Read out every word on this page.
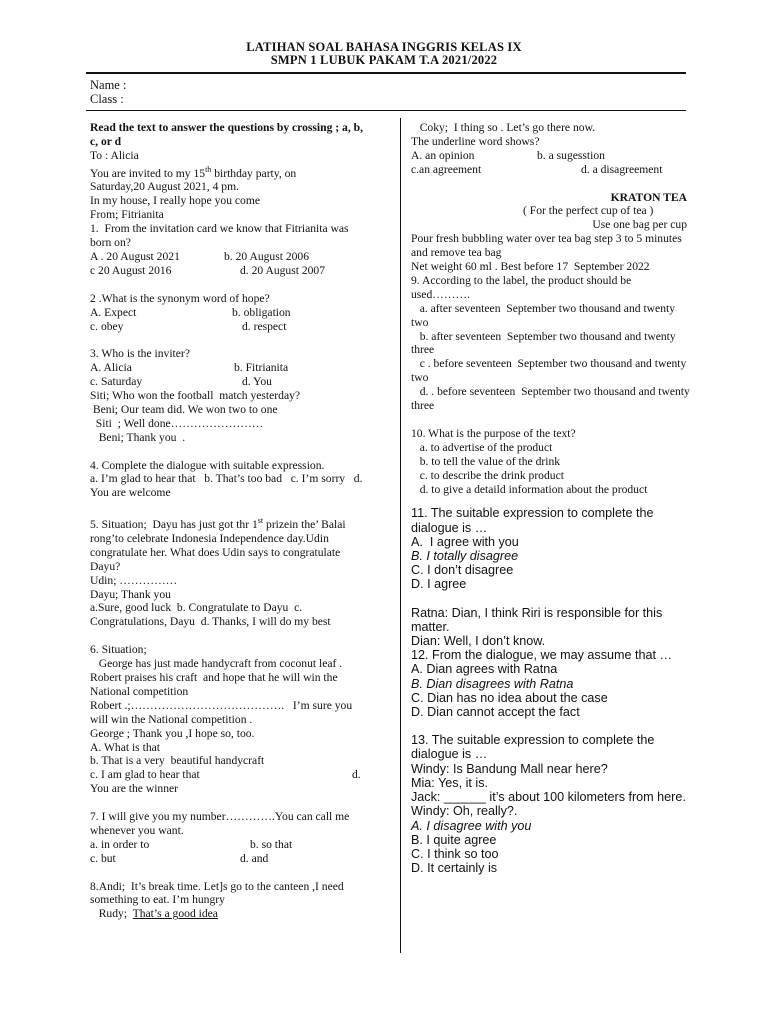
LATIHAN SOAL BAHASA INGGRIS KELAS IX
SMPN 1 LUBUK PAKAM T.A 2021/2022
Name :
Class :

Read the text to answer the questions by crossing ; a, b, c, or d

To : Alicia

You are invited to my 15th birthday party, on

Saturday,20 August 2021, 4 pm.

In my house, I really hope you come

From; Fitrianita

1.  From the invitation card we know that Fitrianita was born on?

A . 20 August 2021	b. 20 August 2006
c 20 August 2016	d. 20 August 2007

2 .What is the synonym word of hope?

A. Expect	b. obligation
c. obey	d. respect

3. Who is the inviter?

A. Alicia	b. Fitrianita
c. Saturday	d. You

Siti; Who won the football  match yesterday?

Beni; Our team did. We won two to one

Siti  ; Well done……………………

Beni; Thank you  .

4. Complete the dialogue with suitable expression.

a. I’m glad to hear that   b. That’s too bad   c. I’m sorry   d. You are welcome

5. Situation;  Dayu has just got thr 1st prizein the’ Balai rong’to celebrate Indonesia Independence day.Udin congratulate her. What does Udin says to congratulate Dayu?

Udin; ……………

Dayu; Thank you

a.Sure, good luck  b. Congratulate to Dayu  c. Congratulations, Dayu  d. Thanks, I will do my best

6. Situation;

George has just made handycraft from coconut leaf . Robert praises his craft  and hope that he will win the National competition

Robert .;………………………………….   I’m sure you will win the National competition .

George ; Thank you ,I hope so, too.

A. What is that

b. That is a very  beautiful handycraft

c. I am glad to hear that	d.

You are the winner

7. I will give you my number………….You can call me whenever you want.

a. in order to	b. so that
c. but	d. and

8.Andi;  It’s break time. Let]s go to the canteen ,I need something to eat. I’m hungry

Rudy;  That’s a good idea

Coky;  I thing so . Let’s go there now.

The underline word shows?

A. an opinion	b. a sugesstion
c.an agreement	d. a disagreement

KRATON TEA

( For the perfect cup of tea )

Use one bag per cup

Pour fresh bubbling water over tea bag step 3 to 5 minutes and remove tea bag

Net weight 60 ml . Best before 17  September 2022

9. According to the label, the product should be used……….

a. after seventeen  September two thousand and twenty two

b. after seventeen  September two thousand and twenty three

c . before seventeen  September two thousand and twenty two

d. . before seventeen  September two thousand and twenty three

10. What is the purpose of the text?

a. to advertise of the product

b. to tell the value of the drink

c. to describe the drink product

d. to give a detaild information about the product

11. The suitable expression to complete the dialogue is …

A.  I agree with you

B. I totally disagree

C. I don’t disagree

D. I agree

Ratna: Dian, I think Riri is responsible for this matter.

Dian: Well, I don’t know.

12. From the dialogue, we may assume that …

A. Dian agrees with Ratna

B. Dian disagrees with Ratna

C. Dian has no idea about the case

D. Dian cannot accept the fact

13. The suitable expression to complete the dialogue is …

Windy: Is Bandung Mall near here?

Mia: Yes, it is.

Jack: ______ it’s about 100 kilometers from here.

Windy: Oh, really?.

A. I disagree with you

B. I quite agree

C. I think so too

D. It certainly is
